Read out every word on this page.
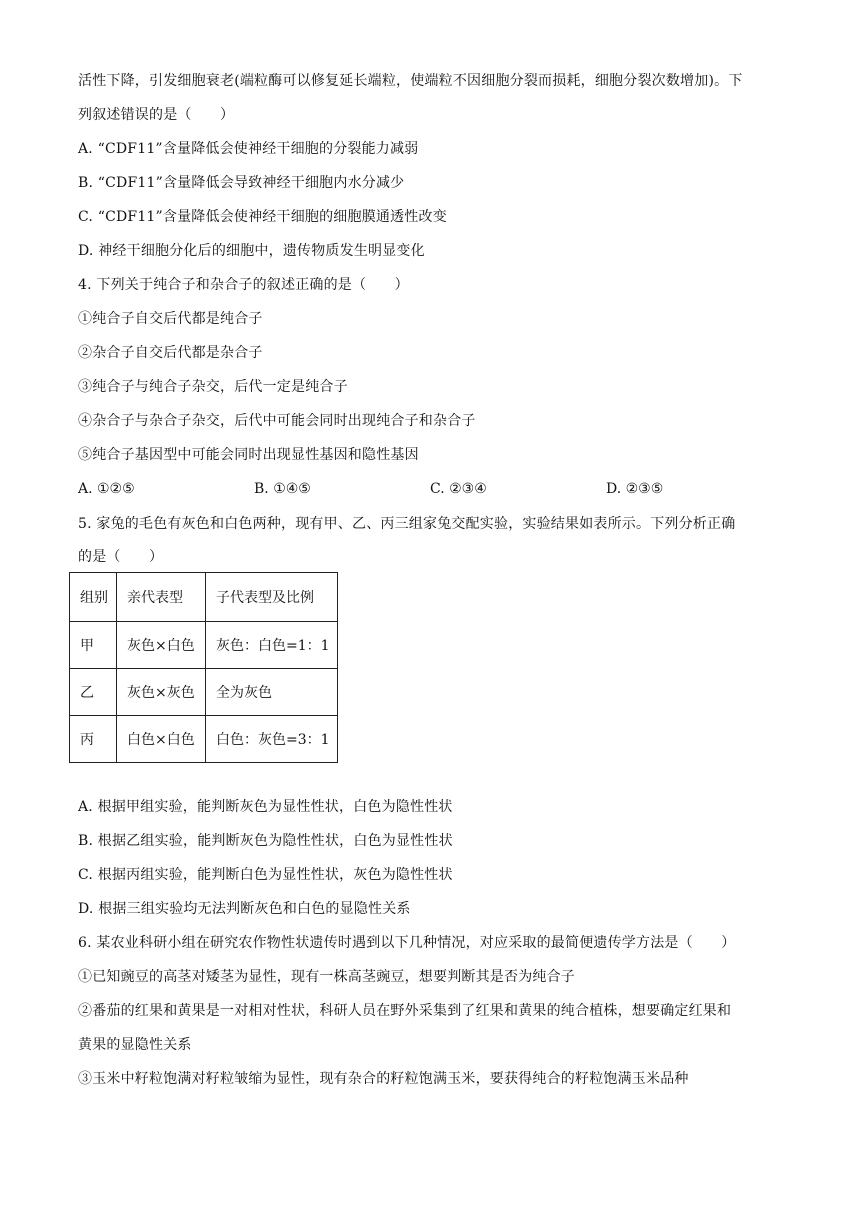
活性下降，引发细胞衰老(端粒酶可以修复延长端粒，使端粒不因细胞分裂而损耗，细胞分裂次数增加)。下
列叙述错误的是（　　）
A. “CDF11”含量降低会使神经干细胞的分裂能力减弱
B. “CDF11”含量降低会导致神经干细胞内水分减少
C. “CDF11”含量降低会使神经干细胞的细胞膜通透性改变
D. 神经干细胞分化后的细胞中，遗传物质发生明显变化
4. 下列关于纯合子和杂合子的叙述正确的是（　　）
①纯合子自交后代都是纯合子
②杂合子自交后代都是杂合子
③纯合子与纯合子杂交，后代一定是纯合子
④杂合子与杂合子杂交，后代中可能会同时出现纯合子和杂合子
⑤纯合子基因型中可能会同时出现显性基因和隐性基因
A. ①②⑤	B. ①④⑤	C. ②③④	D. ②③⑤
5. 家兔的毛色有灰色和白色两种，现有甲、乙、丙三组家兔交配实验，实验结果如表所示。下列分析正确
的是（　　）
组别	亲代表型	子代表型及比例
甲	灰色×白色	灰色：白色=1：1
乙	灰色×灰色	全为灰色
丙	白色×白色	白色：灰色=3：1
A. 根据甲组实验，能判断灰色为显性性状，白色为隐性性状
B. 根据乙组实验，能判断灰色为隐性性状，白色为显性性状
C. 根据丙组实验，能判断白色为显性性状，灰色为隐性性状
D. 根据三组实验均无法判断灰色和白色的显隐性关系
6. 某农业科研小组在研究农作物性状遗传时遇到以下几种情况，对应采取的最简便遗传学方法是（　　）
①已知豌豆的高茎对矮茎为显性，现有一株高茎豌豆，想要判断其是否为纯合子
②番茄的红果和黄果是一对相对性状，科研人员在野外采集到了红果和黄果的纯合植株，想要确定红果和
黄果的显隐性关系
③玉米中籽粒饱满对籽粒皱缩为显性，现有杂合的籽粒饱满玉米，要获得纯合的籽粒饱满玉米品种
